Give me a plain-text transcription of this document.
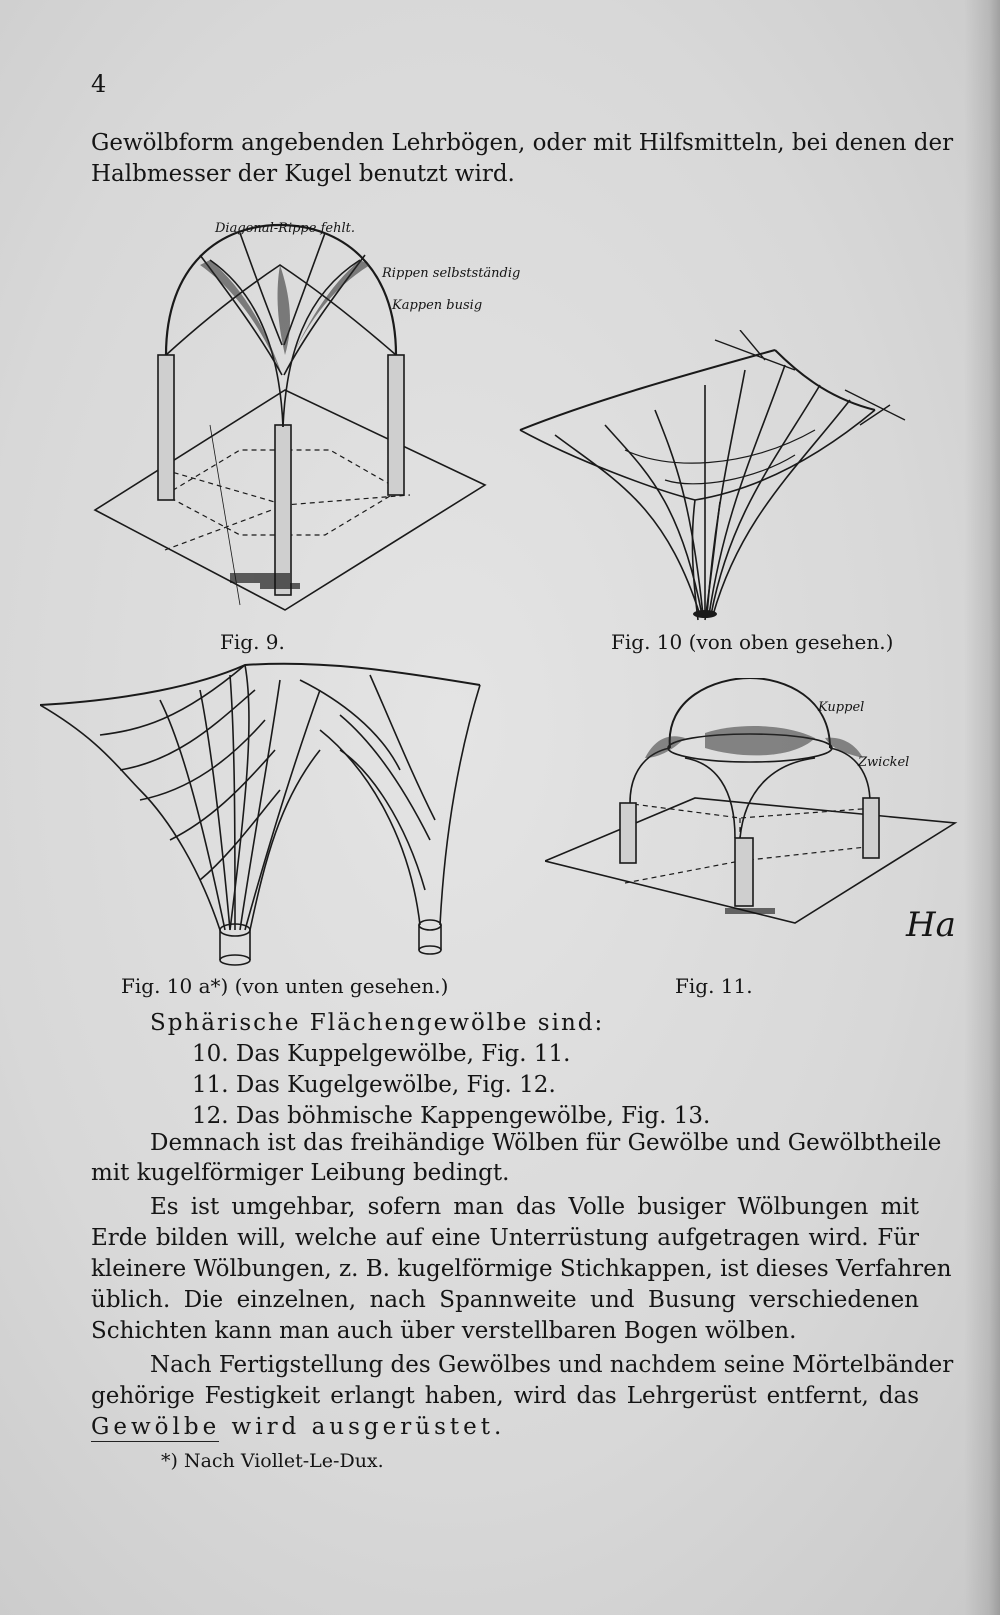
4
Gewölbform angebenden Lehrbögen, oder mit Hilfsmitteln, bei denen der
Halbmesser der Kugel benutzt wird.
Diagonal-Rippe fehlt.
Rippen selbstständig
Kappen busig
Fig. 9.	Fig. 10 (von oben gesehen.)
Fig. 10 a*) (von unten gesehen.)
Kuppel
Zwickel
Fig. 11.
Ha
Sphärische Flächengewölbe sind:
10. Das Kuppelgewölbe, Fig. 11.
11. Das Kugelgewölbe, Fig. 12.
12. Das böhmische Kappengewölbe, Fig. 13.
Demnach ist das freihändige Wölben für Gewölbe und Gewölbtheile
mit kugelförmiger Leibung bedingt.
Es ist umgehbar, sofern man das Volle busiger Wölbungen mit
Erde bilden will, welche auf eine Unterrüstung aufgetragen wird. Für
kleinere Wölbungen, z. B. kugelförmige Stichkappen, ist dieses Verfahren
üblich. Die einzelnen, nach Spannweite und Busung verschiedenen
Schichten kann man auch über verstellbaren Bogen wölben.
Nach Fertigstellung des Gewölbes und nachdem seine Mörtelbänder
gehörige Festigkeit erlangt haben, wird das Lehrgerüst entfernt, das
Gewölbe wird ausgerüstet.
*) Nach Viollet-Le-Dux.
